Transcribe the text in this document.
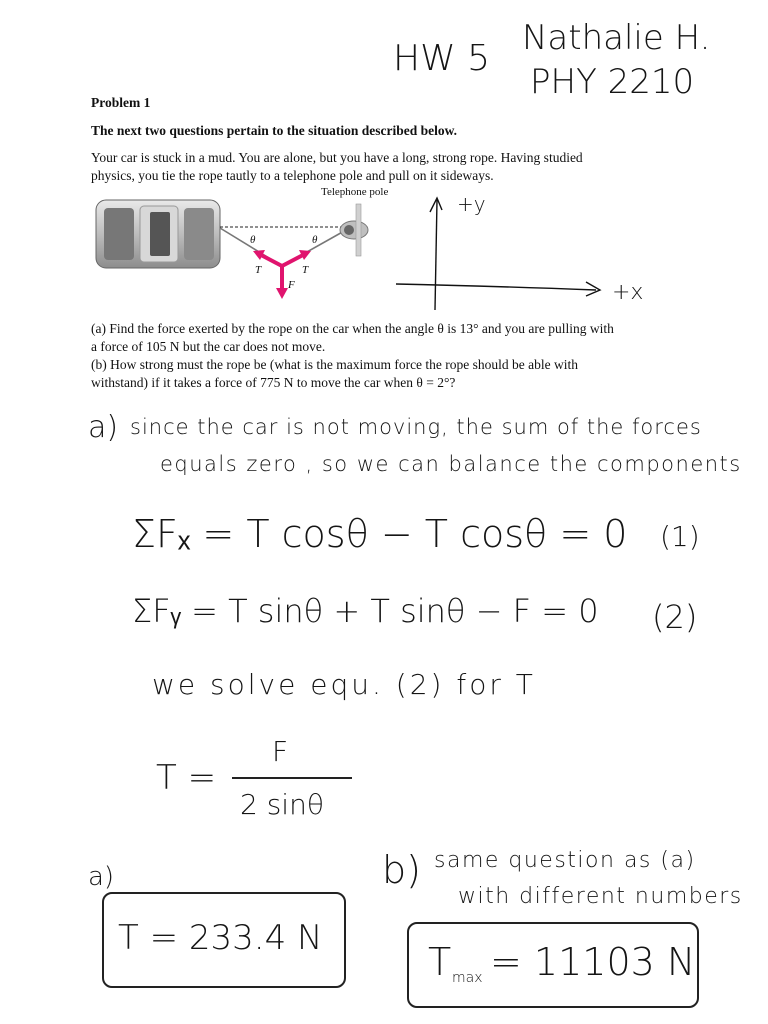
HW 5 Nathalie H.
PHY 2210
Problem 1
The next two questions pertain to the situation described below.
Your car is stuck in a mud. You are alone, but you have a long, strong rope. Having studied
physics, you tie the rope tautly to a telephone pole and pull on it sideways.
Telephone pole
θ	θ
T	T
F
+y
+x
(a) Find the force exerted by the rope on the car when the angle θ is 13° and you are pulling with
a force of 105 N but the car does not move.
(b) How strong must the rope be (what is the maximum force the rope should be able with
withstand) if it takes a force of 775 N to move the car when θ = 2°?
a) since the car is not moving, the sum of the forces
equals zero , so we can balance the components
ΣFₓ = T cosθ − T cosθ = 0 (1)
ΣFᵧ = T sinθ + T sinθ − F = 0 (2)
we solve equ. (2) for T
T =
F
2 sinθ
a)
T = 233.4 N
b) same question as (a)
with different numbers
T max = 11103 N
